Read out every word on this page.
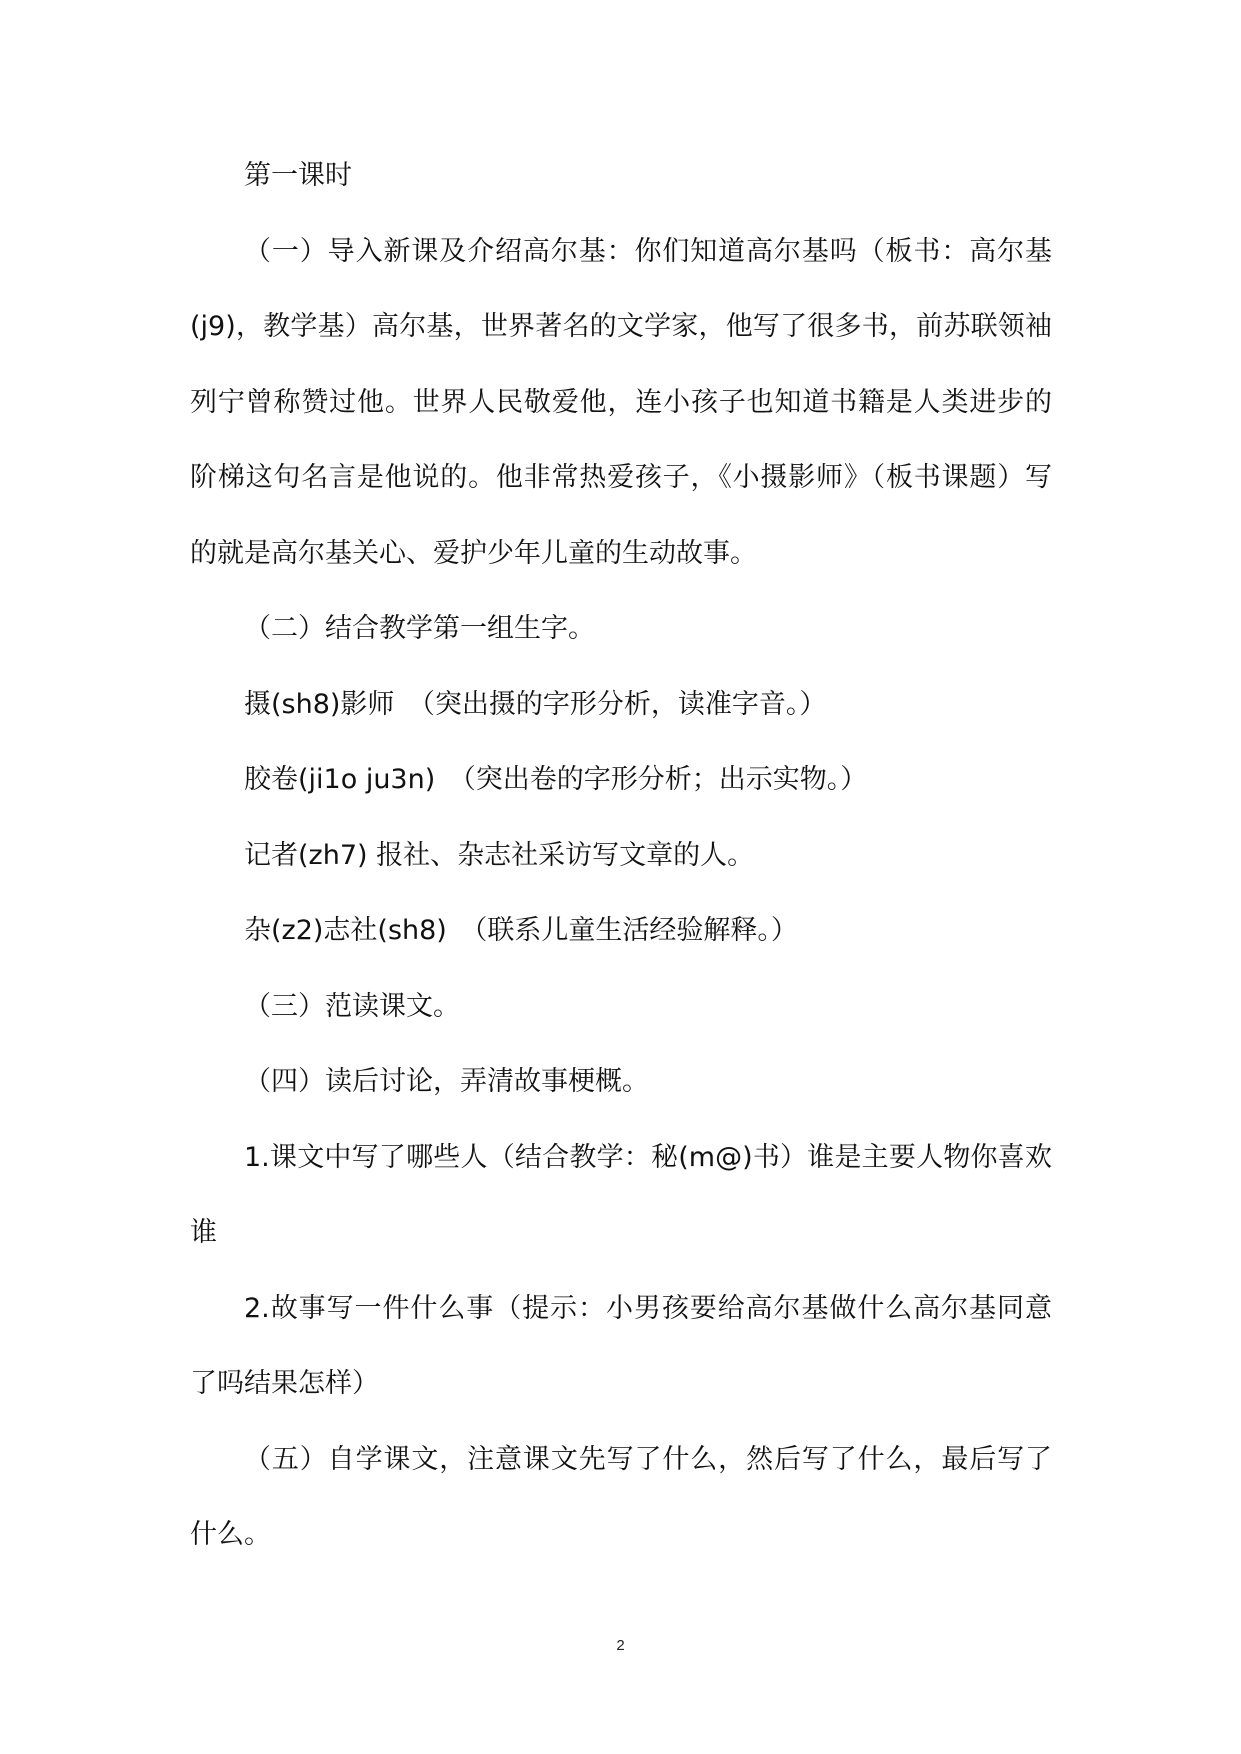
第一课时

（一）导入新课及介绍高尔基：你们知道高尔基吗（板书：高尔基(j9)，教学基）高尔基，世界著名的文学家，他写了很多书，前苏联领袖列宁曾称赞过他。世界人民敬爱他，连小孩子也知道书籍是人类进步的阶梯这句名言是他说的。他非常热爱孩子，《小摄影师》（板书课题）写的就是高尔基关心、爱护少年儿童的生动故事。

（二）结合教学第一组生字。

摄(sh8)影师　（突出摄的字形分析，读准字音。）

胶卷(ji1o ju3n)　（突出卷的字形分析；出示实物。）

记者(zh7) 报社、杂志社采访写文章的人。

杂(z2)志社(sh8)　（联系儿童生活经验解释。）

（三）范读课文。

（四）读后讨论，弄清故事梗概。

1.课文中写了哪些人（结合教学：秘(m@)书）谁是主要人物你喜欢谁

2.故事写一件什么事（提示：小男孩要给高尔基做什么高尔基同意了吗结果怎样）

（五）自学课文，注意课文先写了什么，然后写了什么，最后写了什么。

2
